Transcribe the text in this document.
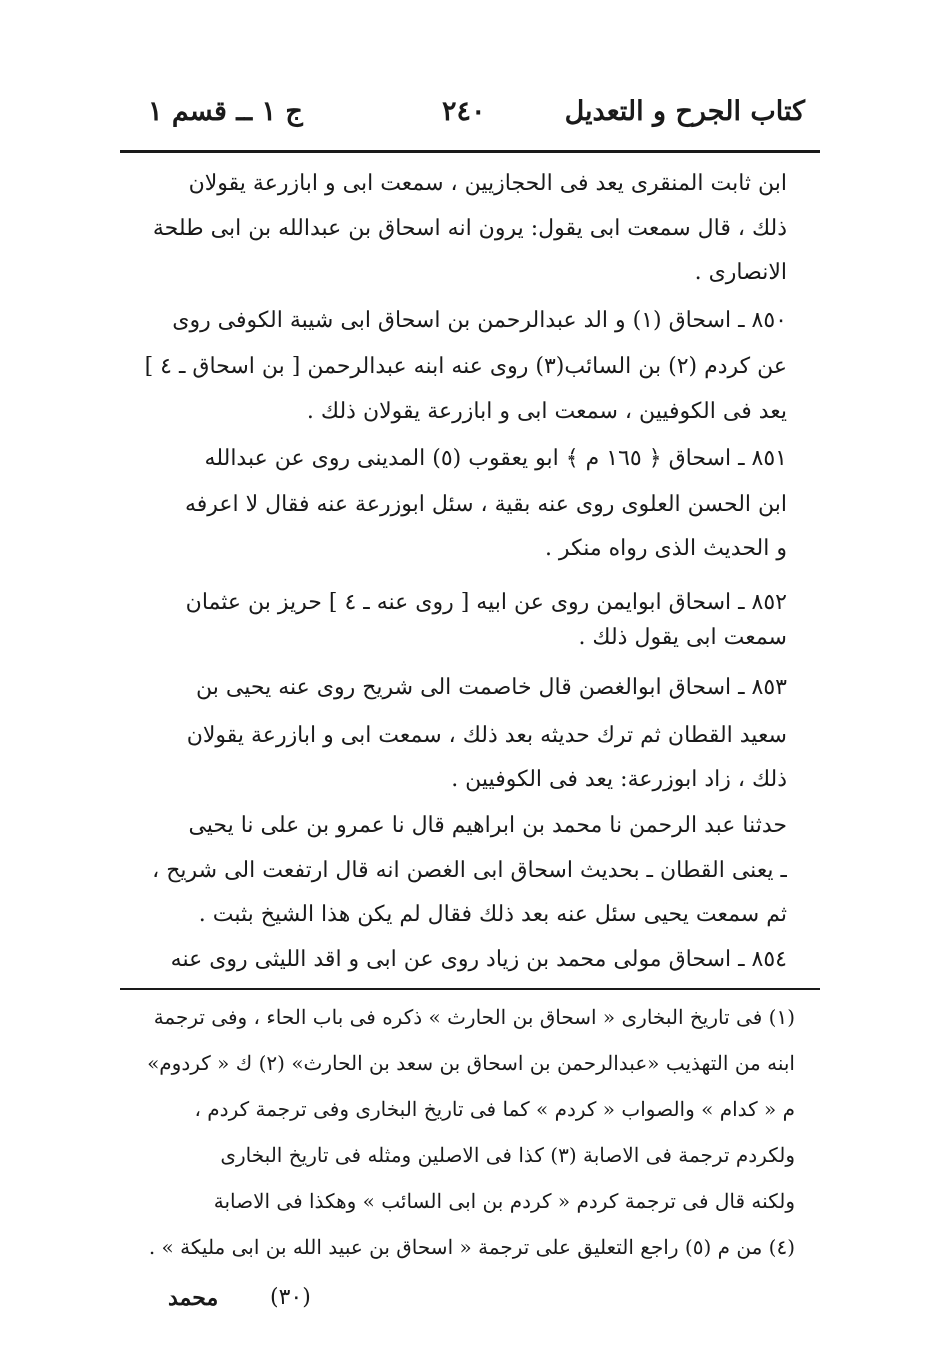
كتاب الجرح و التعديل
٢٤٠
ج ١ ــ قسم ١
ابن ثابت المنقرى يعد فى الحجازيين ، سمعت ابى و ابازرعة يقولان
ذلك ، قال سمعت ابى يقول: يرون انه اسحاق بن عبدالله بن ابى طلحة
الانصارى .
٨٥٠ ـ اسحاق (١) و الد عبدالرحمن بن اسحاق ابى شيبة الكوفى روى
عن كردم (٢) بن السائب(٣) روى عنه ابنه عبدالرحمن [ بن اسحاق ـ ٤ ]
يعد فى الكوفيين ، سمعت ابى و ابازرعة يقولان ذلك .
٨٥١ ـ اسحاق ﴿ ١٦٥ م ﴾ ابو يعقوب (٥) المدينى روى عن عبدالله
ابن الحسن العلوى روى عنه بقية ، سئل ابوزرعة عنه فقال لا اعرفه
و الحديث الذى رواه منكر .
٨٥٢ ـ اسحاق ابوايمن روى عن ابيه [ روى عنه ـ ٤ ] حريز بن عثمان
سمعت ابى يقول ذلك .
٨٥٣ ـ اسحاق ابوالغصن قال خاصمت الى شريح روى عنه يحيى بن
سعيد القطان ثم ترك حديثه بعد ذلك ، سمعت ابى و ابازرعة يقولان
ذلك ، زاد ابوزرعة: يعد فى الكوفيين .
حدثنا عبد الرحمن نا محمد بن ابراهيم قال نا عمرو بن على نا يحيى
ـ يعنى القطان ـ بحديث اسحاق ابى الغصن انه قال ارتفعت الى شريح ،
ثم سمعت يحيى سئل عنه بعد ذلك فقال لم يكن هذا الشيخ بثبت .
٨٥٤ ـ اسحاق مولى محمد بن زياد روى عن ابى و اقد الليثى روى عنه
(١) فى تاريخ البخارى « اسحاق بن الحارث » ذكره فى باب الحاء ، وفى ترجمة
ابنه من التهذيب «عبدالرحمن بن اسحاق بن سعد بن الحارث» (٢) ك « كردوم»
م « كدام » والصواب « كردم » كما فى تاريخ البخارى وفى ترجمة كردم ،
ولكردم ترجمة فى الاصابة (٣) كذا فى الاصلين ومثله فى تاريخ البخارى
ولكنه قال فى ترجمة كردم « كردم بن ابى السائب » وهكذا فى الاصابة
(٤) من م (٥) راجع التعليق على ترجمة « اسحاق بن عبيد الله بن ابى مليكة » .
(٣٠)
محمد
